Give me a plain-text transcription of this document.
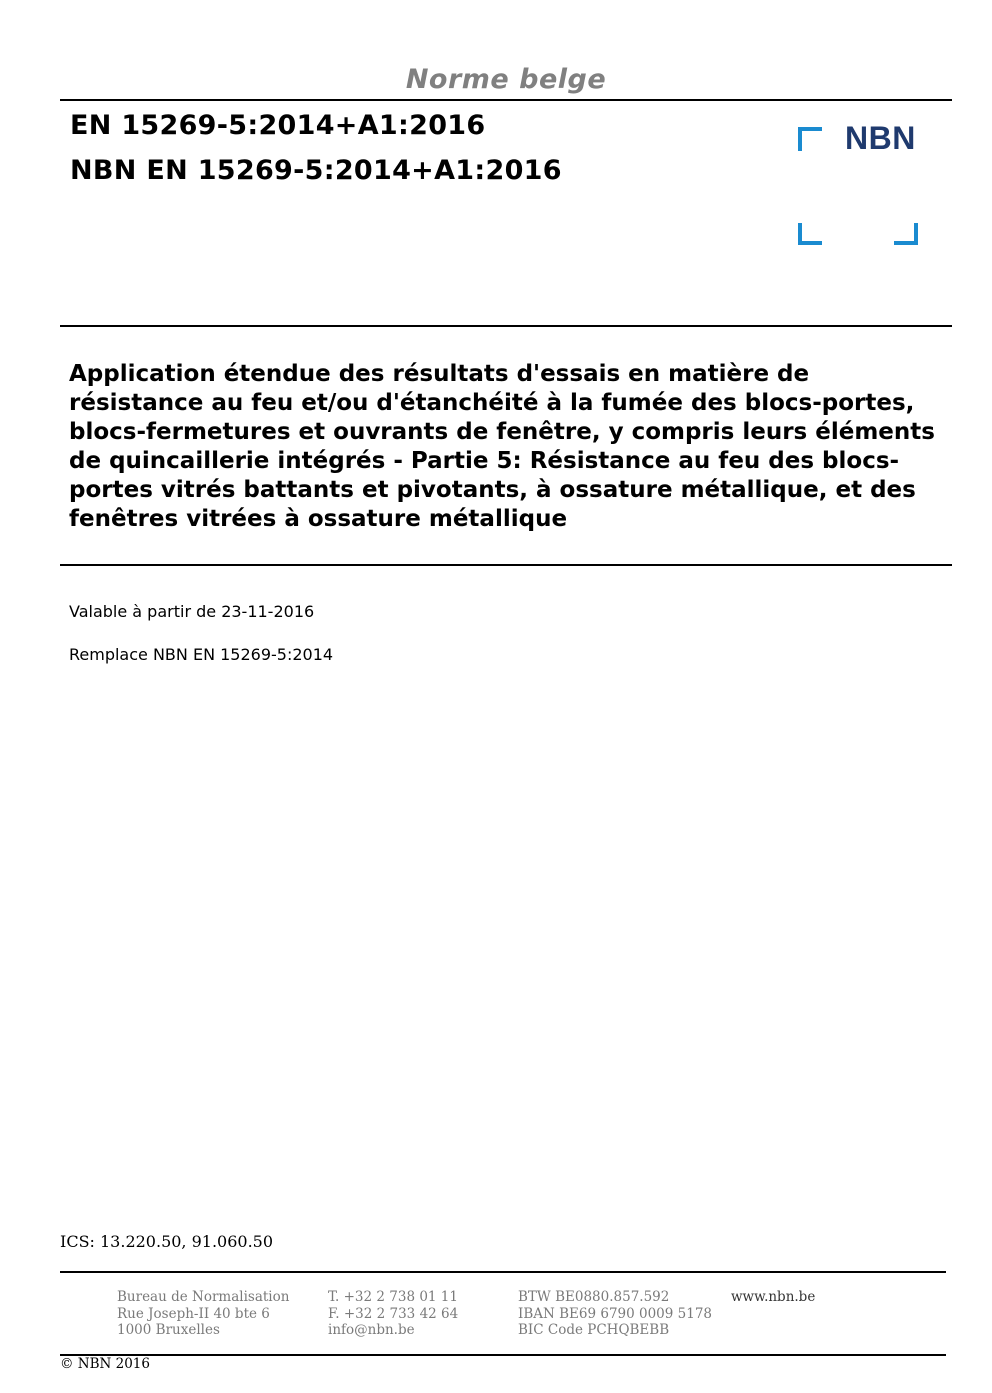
Norme belge
EN 15269-5:2014+A1:2016
NBN EN 15269-5:2014+A1:2016
NBN
Application étendue des résultats d'essais en matière de
résistance au feu et/ou d'étanchéité à la fumée des blocs-portes,
blocs-fermetures et ouvrants de fenêtre, y compris leurs éléments
de quincaillerie intégrés - Partie 5: Résistance au feu des blocs-
portes vitrés battants et pivotants, à ossature métallique, et des
fenêtres vitrées à ossature métallique
Valable à partir de 23-11-2016
Remplace NBN EN 15269-5:2014
ICS: 13.220.50, 91.060.50
Bureau de Normalisation
Rue Joseph-II 40 bte 6
1000 Bruxelles
T. +32 2 738 01 11
F. +32 2 733 42 64
info@nbn.be
BTW BE0880.857.592
IBAN BE69 6790 0009 5178
BIC Code PCHQBEBB
www.nbn.be
© NBN 2016
